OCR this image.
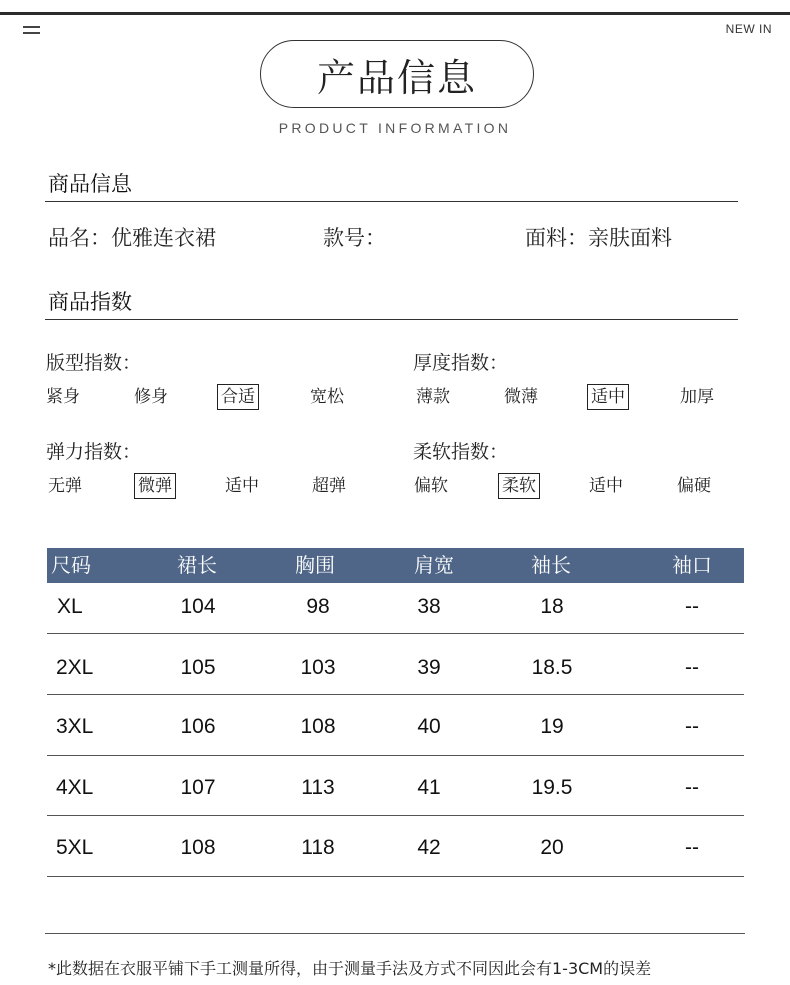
NEW IN
产品信息
PRODUCT INFORMATION
商品信息
品名：优雅连衣裙	款号：	面料：亲肤面料
商品指数
版型指数：	厚度指数：
弹力指数：	柔软指数：
紧身	修身	合适	宽松	薄款	微薄	适中	加厚
无弹	微弹	适中	超弹	偏软	柔软	适中	偏硬
尺码	裙长	胸围	肩宽	袖长	袖口
XL	104	98	38	18	--
2XL	105	103	39	18.5	--
3XL	106	108	40	19	--
4XL	107	113	41	19.5	--
5XL	108	118	42	20	--
*此数据在衣服平铺下手工测量所得，由于测量手法及方式不同因此会有1-3CM的误差
